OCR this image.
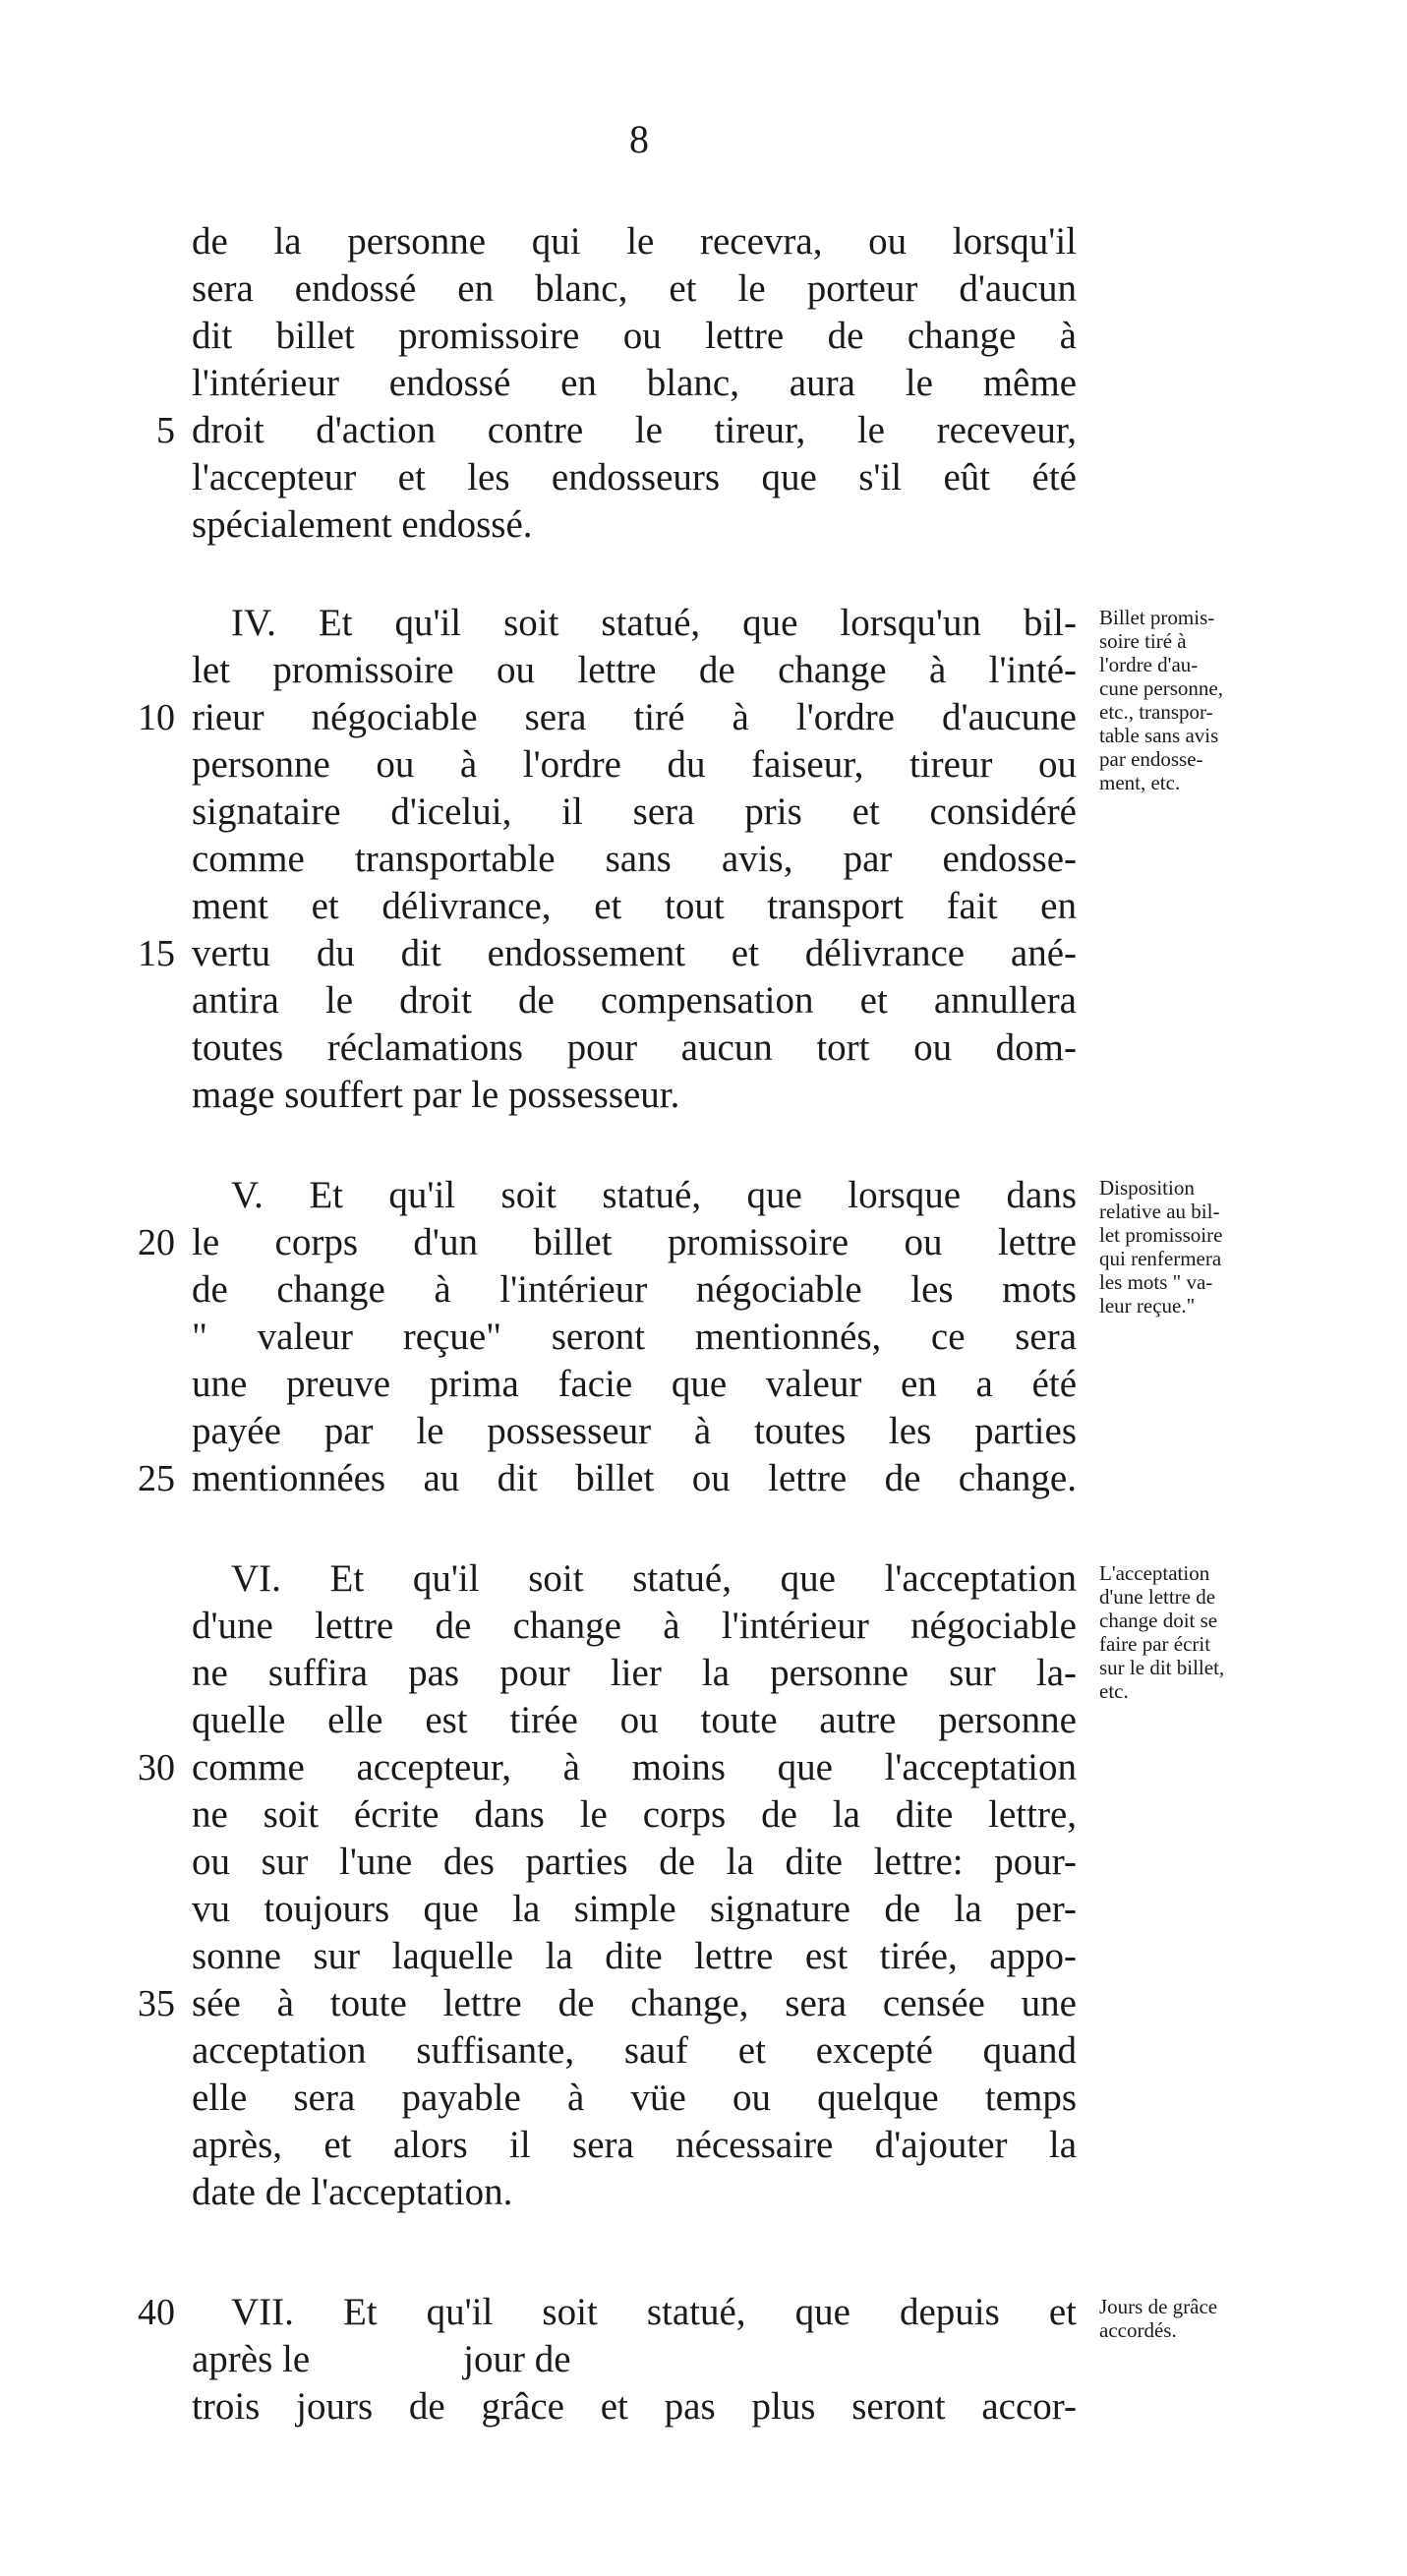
8
de la personne qui le recevra, ou lorsqu'il
sera endossé en blanc, et le porteur d'aucun
dit billet promissoire ou lettre de change à
l'intérieur endossé en blanc, aura le même
droit d'action contre le tireur, le receveur,
l'accepteur et les endosseurs que s'il eût été
spécialement endossé.
IV. Et qu'il soit statué, que lorsqu'un bil-
let promissoire ou lettre de change à l'inté-
rieur négociable sera tiré à l'ordre d'aucune
personne ou à l'ordre du faiseur, tireur ou
signataire d'icelui, il sera pris et considéré
comme transportable sans avis, par endosse-
ment et délivrance, et tout transport fait en
vertu du dit endossement et délivrance ané-
antira le droit de compensation et annullera
toutes réclamations pour aucun tort ou dom-
mage souffert par le possesseur.
Billet promis-
soire tiré à
l'ordre d'au-
cune personne,
etc., transpor-
table sans avis
par endosse-
ment, etc.
V. Et qu'il soit statué, que lorsque dans
le corps d'un billet promissoire ou lettre
de change à l'intérieur négociable les mots
" valeur reçue" seront mentionnés, ce sera
une preuve prima facie que valeur en a été
payée par le possesseur à toutes les parties
mentionnées au dit billet ou lettre de change.
Disposition
relative au bil-
let promissoire
qui renfermera
les mots " va-
leur reçue."
VI. Et qu'il soit statué, que l'acceptation
d'une lettre de change à l'intérieur négociable
ne suffira pas pour lier la personne sur la-
quelle elle est tirée ou toute autre personne
comme accepteur, à moins que l'acceptation
ne soit écrite dans le corps de la dite lettre,
ou sur l'une des parties de la dite lettre: pour-
vu toujours que la simple signature de la per-
sonne sur laquelle la dite lettre est tirée, appo-
sée à toute lettre de change, sera censée une
acceptation suffisante, sauf et excepté quand
elle sera payable à vüe ou quelque temps
après, et alors il sera nécessaire d'ajouter la
date de l'acceptation.
L'acceptation
d'une lettre de
change doit se
faire par écrit
sur le dit billet,
etc.
VII. Et qu'il soit statué, que depuis et
après le                jour de
trois jours de grâce et pas plus seront accor-
Jours de grâce
accordés.
5
10
15
20
25
30
35
40
